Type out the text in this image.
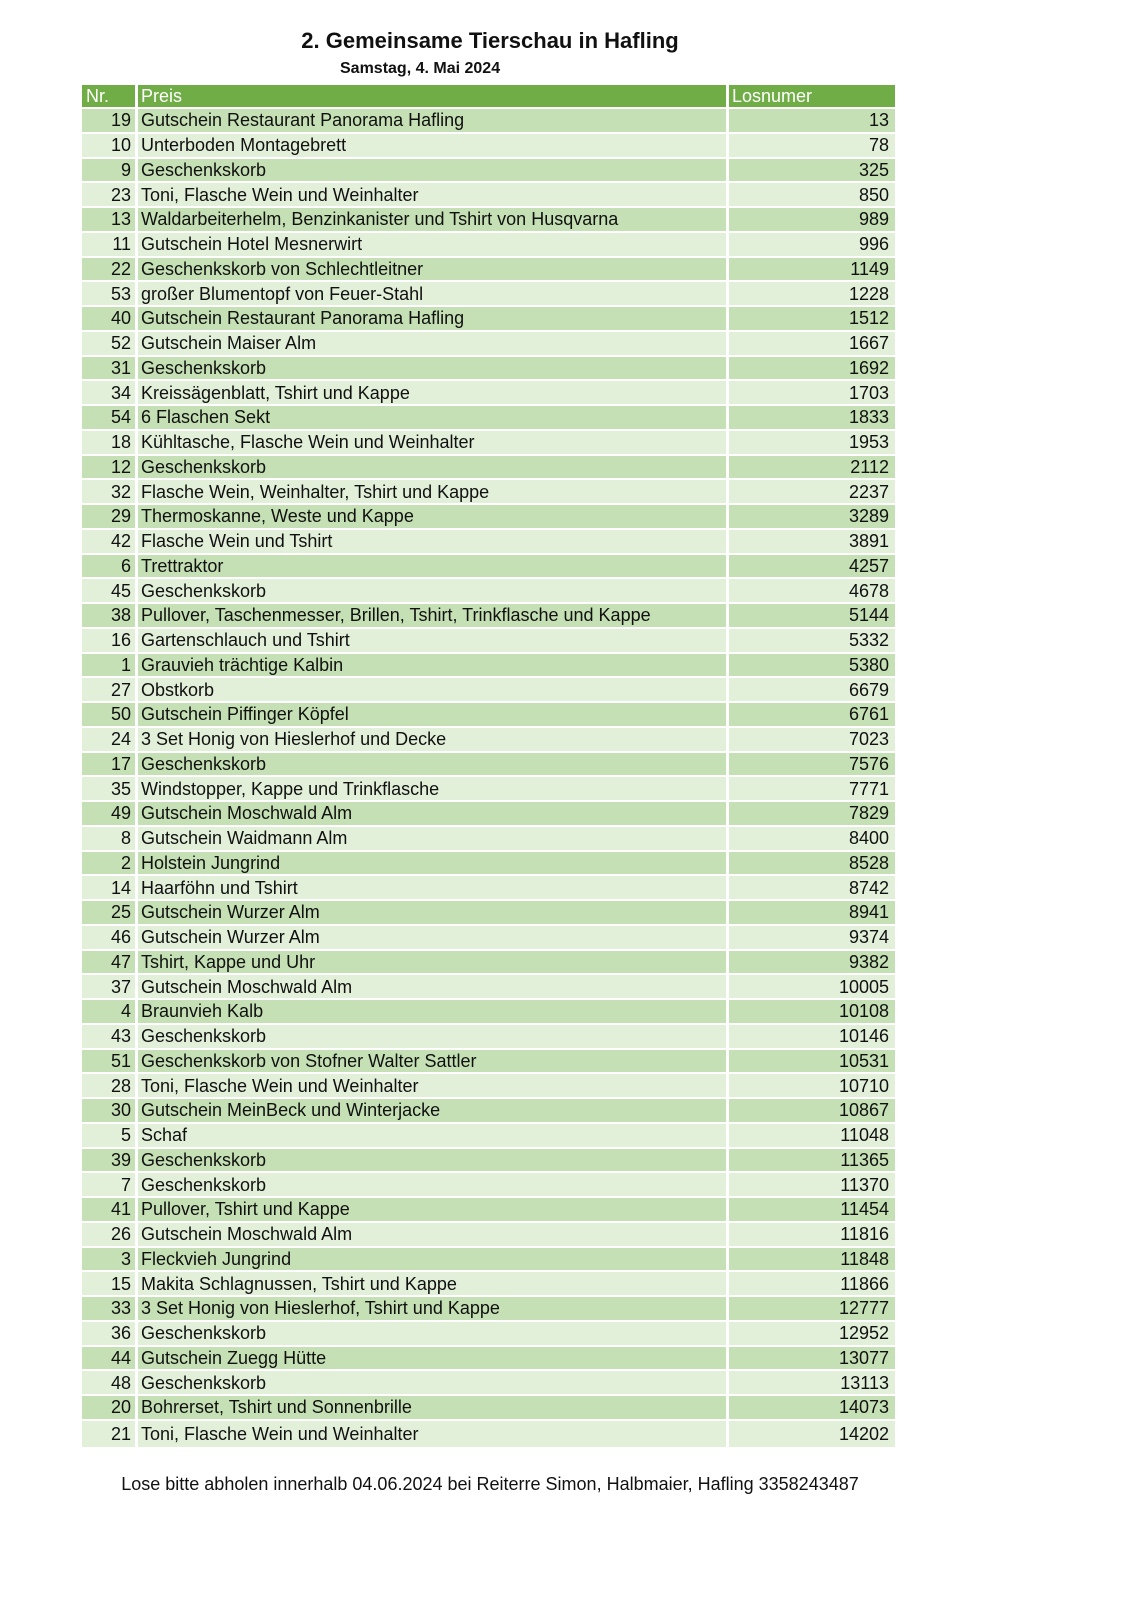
2. Gemeinsame Tierschau in Hafling

Samstag, 4. Mai 2024

Nr.	Preis	Losnumer
19 Gutschein Restaurant Panorama Hafling	13
10 Unterboden Montagebrett	78
9 Geschenkskorb	325
23 Toni, Flasche Wein und Weinhalter	850
13 Waldarbeiterhelm, Benzinkanister und Tshirt von Husqvarna	989
11 Gutschein Hotel Mesnerwirt	996
22 Geschenkskorb von Schlechtleitner	1149
53 großer Blumentopf von Feuer-Stahl	1228
40 Gutschein Restaurant Panorama Hafling	1512
52 Gutschein Maiser Alm	1667
31 Geschenkskorb	1692
34 Kreissägenblatt, Tshirt und Kappe	1703
54 6 Flaschen Sekt	1833
18 Kühltasche, Flasche Wein und Weinhalter	1953
12 Geschenkskorb	2112
32 Flasche Wein, Weinhalter, Tshirt und Kappe	2237
29 Thermoskanne, Weste und Kappe	3289
42 Flasche Wein und Tshirt	3891
6 Trettraktor	4257
45 Geschenkskorb	4678
38 Pullover, Taschenmesser, Brillen, Tshirt, Trinkflasche und Kappe	5144
16 Gartenschlauch und Tshirt	5332
1 Grauvieh trächtige Kalbin	5380
27 Obstkorb	6679
50 Gutschein Piffinger Köpfel	6761
24 3 Set Honig von Hieslerhof und Decke	7023
17 Geschenkskorb	7576
35 Windstopper, Kappe und Trinkflasche	7771
49 Gutschein Moschwald Alm	7829
8 Gutschein Waidmann Alm	8400
2 Holstein Jungrind	8528
14 Haarföhn und Tshirt	8742
25 Gutschein Wurzer Alm	8941
46 Gutschein Wurzer Alm	9374
47 Tshirt, Kappe und Uhr	9382
37 Gutschein Moschwald Alm	10005
4 Braunvieh Kalb	10108
43 Geschenkskorb	10146
51 Geschenkskorb von Stofner Walter Sattler	10531
28 Toni, Flasche Wein und Weinhalter	10710
30 Gutschein MeinBeck und Winterjacke	10867
5 Schaf	11048
39 Geschenkskorb	11365
7 Geschenkskorb	11370
41 Pullover, Tshirt und Kappe	11454
26 Gutschein Moschwald Alm	11816
3 Fleckvieh Jungrind	11848
15 Makita Schlagnussen, Tshirt und Kappe	11866
33 3 Set Honig von Hieslerhof, Tshirt und Kappe	12777
36 Geschenkskorb	12952
44 Gutschein Zuegg Hütte	13077
48 Geschenkskorb	13113
20 Bohrerset, Tshirt und Sonnenbrille	14073
21 Toni, Flasche Wein und Weinhalter	14202

Lose bitte abholen innerhalb 04.06.2024 bei Reiterre Simon, Halbmaier, Hafling 3358243487
